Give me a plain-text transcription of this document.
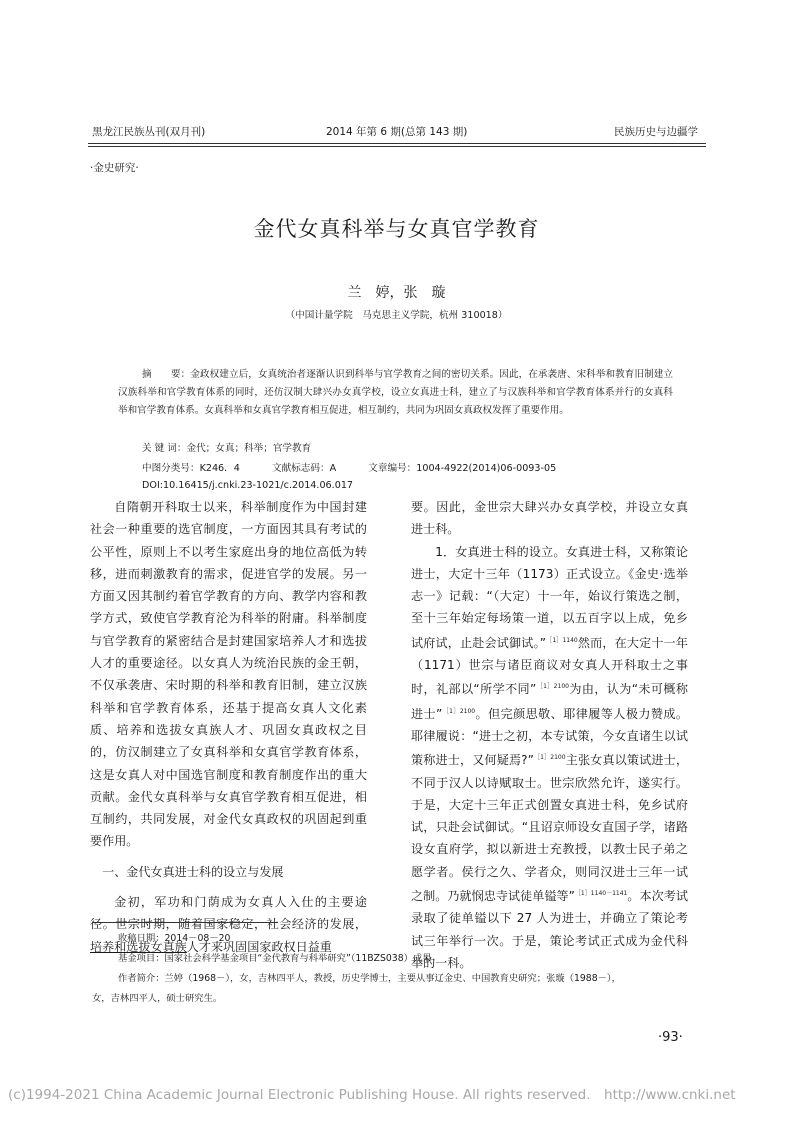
黑龙江民族丛刊(双月刊)	2014 年第 6 期(总第 143 期)	民族历史与边疆学
·金史研究·
金代女真科举与女真官学教育
兰　婷，张　璇
（中国计量学院　马克思主义学院，杭州 310018）
摘　　要：金政权建立后，女真统治者逐渐认识到科举与官学教育之间的密切关系。因此，在承袭唐、宋科举和教育旧制建立汉族科举和官学教育体系的同时，还仿汉制大肆兴办女真学校，设立女真进士科，建立了与汉族科举和官学教育体系并行的女真科举和官学教育体系。女真科举和女真官学教育相互促进，相互制约，共同为巩固女真政权发挥了重要作用。
关 键 词：金代；女真；科举；官学教育
中图分类号：K246．4	文献标志码：A	文章编号：1004-4922(2014)06-0093-05
DOI:10.16415/j.cnki.23-1021/c.2014.06.017

自隋朝开科取士以来，科举制度作为中国封建社会一种重要的选官制度，一方面因其具有考试的公平性，原则上不以考生家庭出身的地位高低为转移，进而刺激教育的需求，促进官学的发展。另一方面又因其制约着官学教育的方向、教学内容和教学方式，致使官学教育沦为科举的附庸。科举制度与官学教育的紧密结合是封建国家培养人才和选拔人才的重要途径。以女真人为统治民族的金王朝，不仅承袭唐、宋时期的科举和教育旧制，建立汉族科举和官学教育体系，还基于提高女真人文化素质、培养和选拔女真族人才、巩固女真政权之目的，仿汉制建立了女真科举和女真官学教育体系，这是女真人对中国选官制度和教育制度作出的重大贡献。金代女真科举与女真官学教育相互促进，相互制约，共同发展，对金代女真政权的巩固起到重要作用。

一、金代女真进士科的设立与发展

金初，军功和门荫成为女真人入仕的主要途径。世宗时期，随着国家稳定，社会经济的发展，培养和选拔女真族人才来巩固国家政权日益重

要。因此，金世宗大肆兴办女真学校，并设立女真进士科。

1．女真进士科的设立。女真进士科，又称策论进士，大定十三年（1173）正式设立。《金史·选举志一》记载：“（大定）十一年，始议行策选之制，至十三年始定每场策一道，以五百字以上成，免乡试府试，止赴会试御试。”$^{[1]1140}$然而，在大定十一年（1171）世宗与诸臣商议对女真人开科取士之事时，礼部以“所学不同”$^{[1]2100}$为由，认为“未可概称进士”$^{[1]2100}$。但完颜思敬、耶律履等人极力赞成。耶律履说：“进士之初，本专试策，今女直诸生以试策称进士，又何疑焉?”$^{[1]2100}$主张女真以策试进士，不同于汉人以诗赋取士。世宗欣然允许，遂实行。于是，大定十三年正式创置女真进士科，免乡试府试，只赴会试御试。“且诏京师设女直国子学，诸路设女直府学，拟以新进士充教授，以教士民子弟之愿学者。侯行之久、学者众，则同汉进士三年一试之制。乃就悯忠寺试徒单镒等”$^{[1]1140-1141}$。本次考试录取了徒单镒以下 27 人为进士，并确立了策论考试三年举行一次。于是，策论考试正式成为金代科举的一科。

收稿日期：2014－08－20
基金项目：国家社会科学基金项目“金代教育与科举研究”（11BZS038）成果
作者简介：兰婷（1968－），女，吉林四平人，教授，历史学博士，主要从事辽金史、中国教育史研究；张璇（1988－），
女，吉林四平人，硕士研究生。
·93·
(c)1994-2021 China Academic Journal Electronic Publishing House. All rights reserved.　http://www.cnki.net
